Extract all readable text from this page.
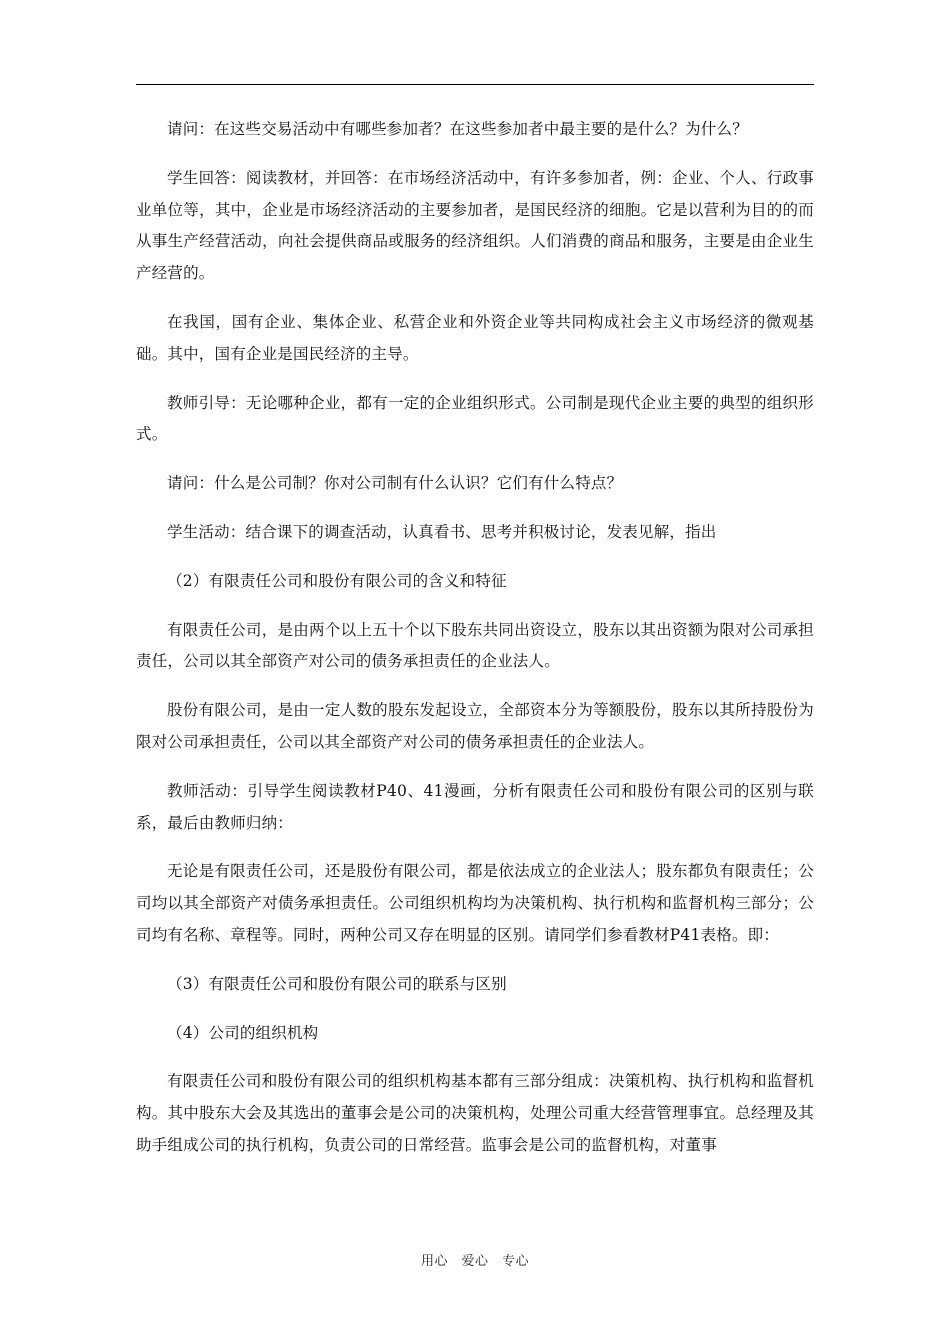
请问：在这些交易活动中有哪些参加者？在这些参加者中最主要的是什么？为什么？

学生回答：阅读教材，并回答：在市场经济活动中，有许多参加者，例：企业、个人、行政事业单位等，其中，企业是市场经济活动的主要参加者，是国民经济的细胞。它是以营利为目的的而从事生产经营活动，向社会提供商品或服务的经济组织。人们消费的商品和服务，主要是由企业生产经营的。

在我国，国有企业、集体企业、私营企业和外资企业等共同构成社会主义市场经济的微观基础。其中，国有企业是国民经济的主导。

教师引导：无论哪种企业，都有一定的企业组织形式。公司制是现代企业主要的典型的组织形式。

请问：什么是公司制？你对公司制有什么认识？它们有什么特点？

学生活动：结合课下的调查活动，认真看书、思考并积极讨论，发表见解，指出

（2）有限责任公司和股份有限公司的含义和特征

有限责任公司，是由两个以上五十个以下股东共同出资设立，股东以其出资额为限对公司承担责任，公司以其全部资产对公司的债务承担责任的企业法人。

股份有限公司，是由一定人数的股东发起设立，全部资本分为等额股份，股东以其所持股份为限对公司承担责任，公司以其全部资产对公司的债务承担责任的企业法人。

教师活动：引导学生阅读教材P40、41漫画，分析有限责任公司和股份有限公司的区别与联系，最后由教师归纳：

无论是有限责任公司，还是股份有限公司，都是依法成立的企业法人；股东都负有限责任；公司均以其全部资产对债务承担责任。公司组织机构均为决策机构、执行机构和监督机构三部分；公司均有名称、章程等。同时，两种公司又存在明显的区别。请同学们参看教材P41表格。即：

（3）有限责任公司和股份有限公司的联系与区别

（4）公司的组织机构

有限责任公司和股份有限公司的组织机构基本都有三部分组成：决策机构、执行机构和监督机构。其中股东大会及其选出的董事会是公司的决策机构，处理公司重大经营管理事宜。总经理及其助手组成公司的执行机构，负责公司的日常经营。监事会是公司的监督机构，对董事

用心　爱心　专心
